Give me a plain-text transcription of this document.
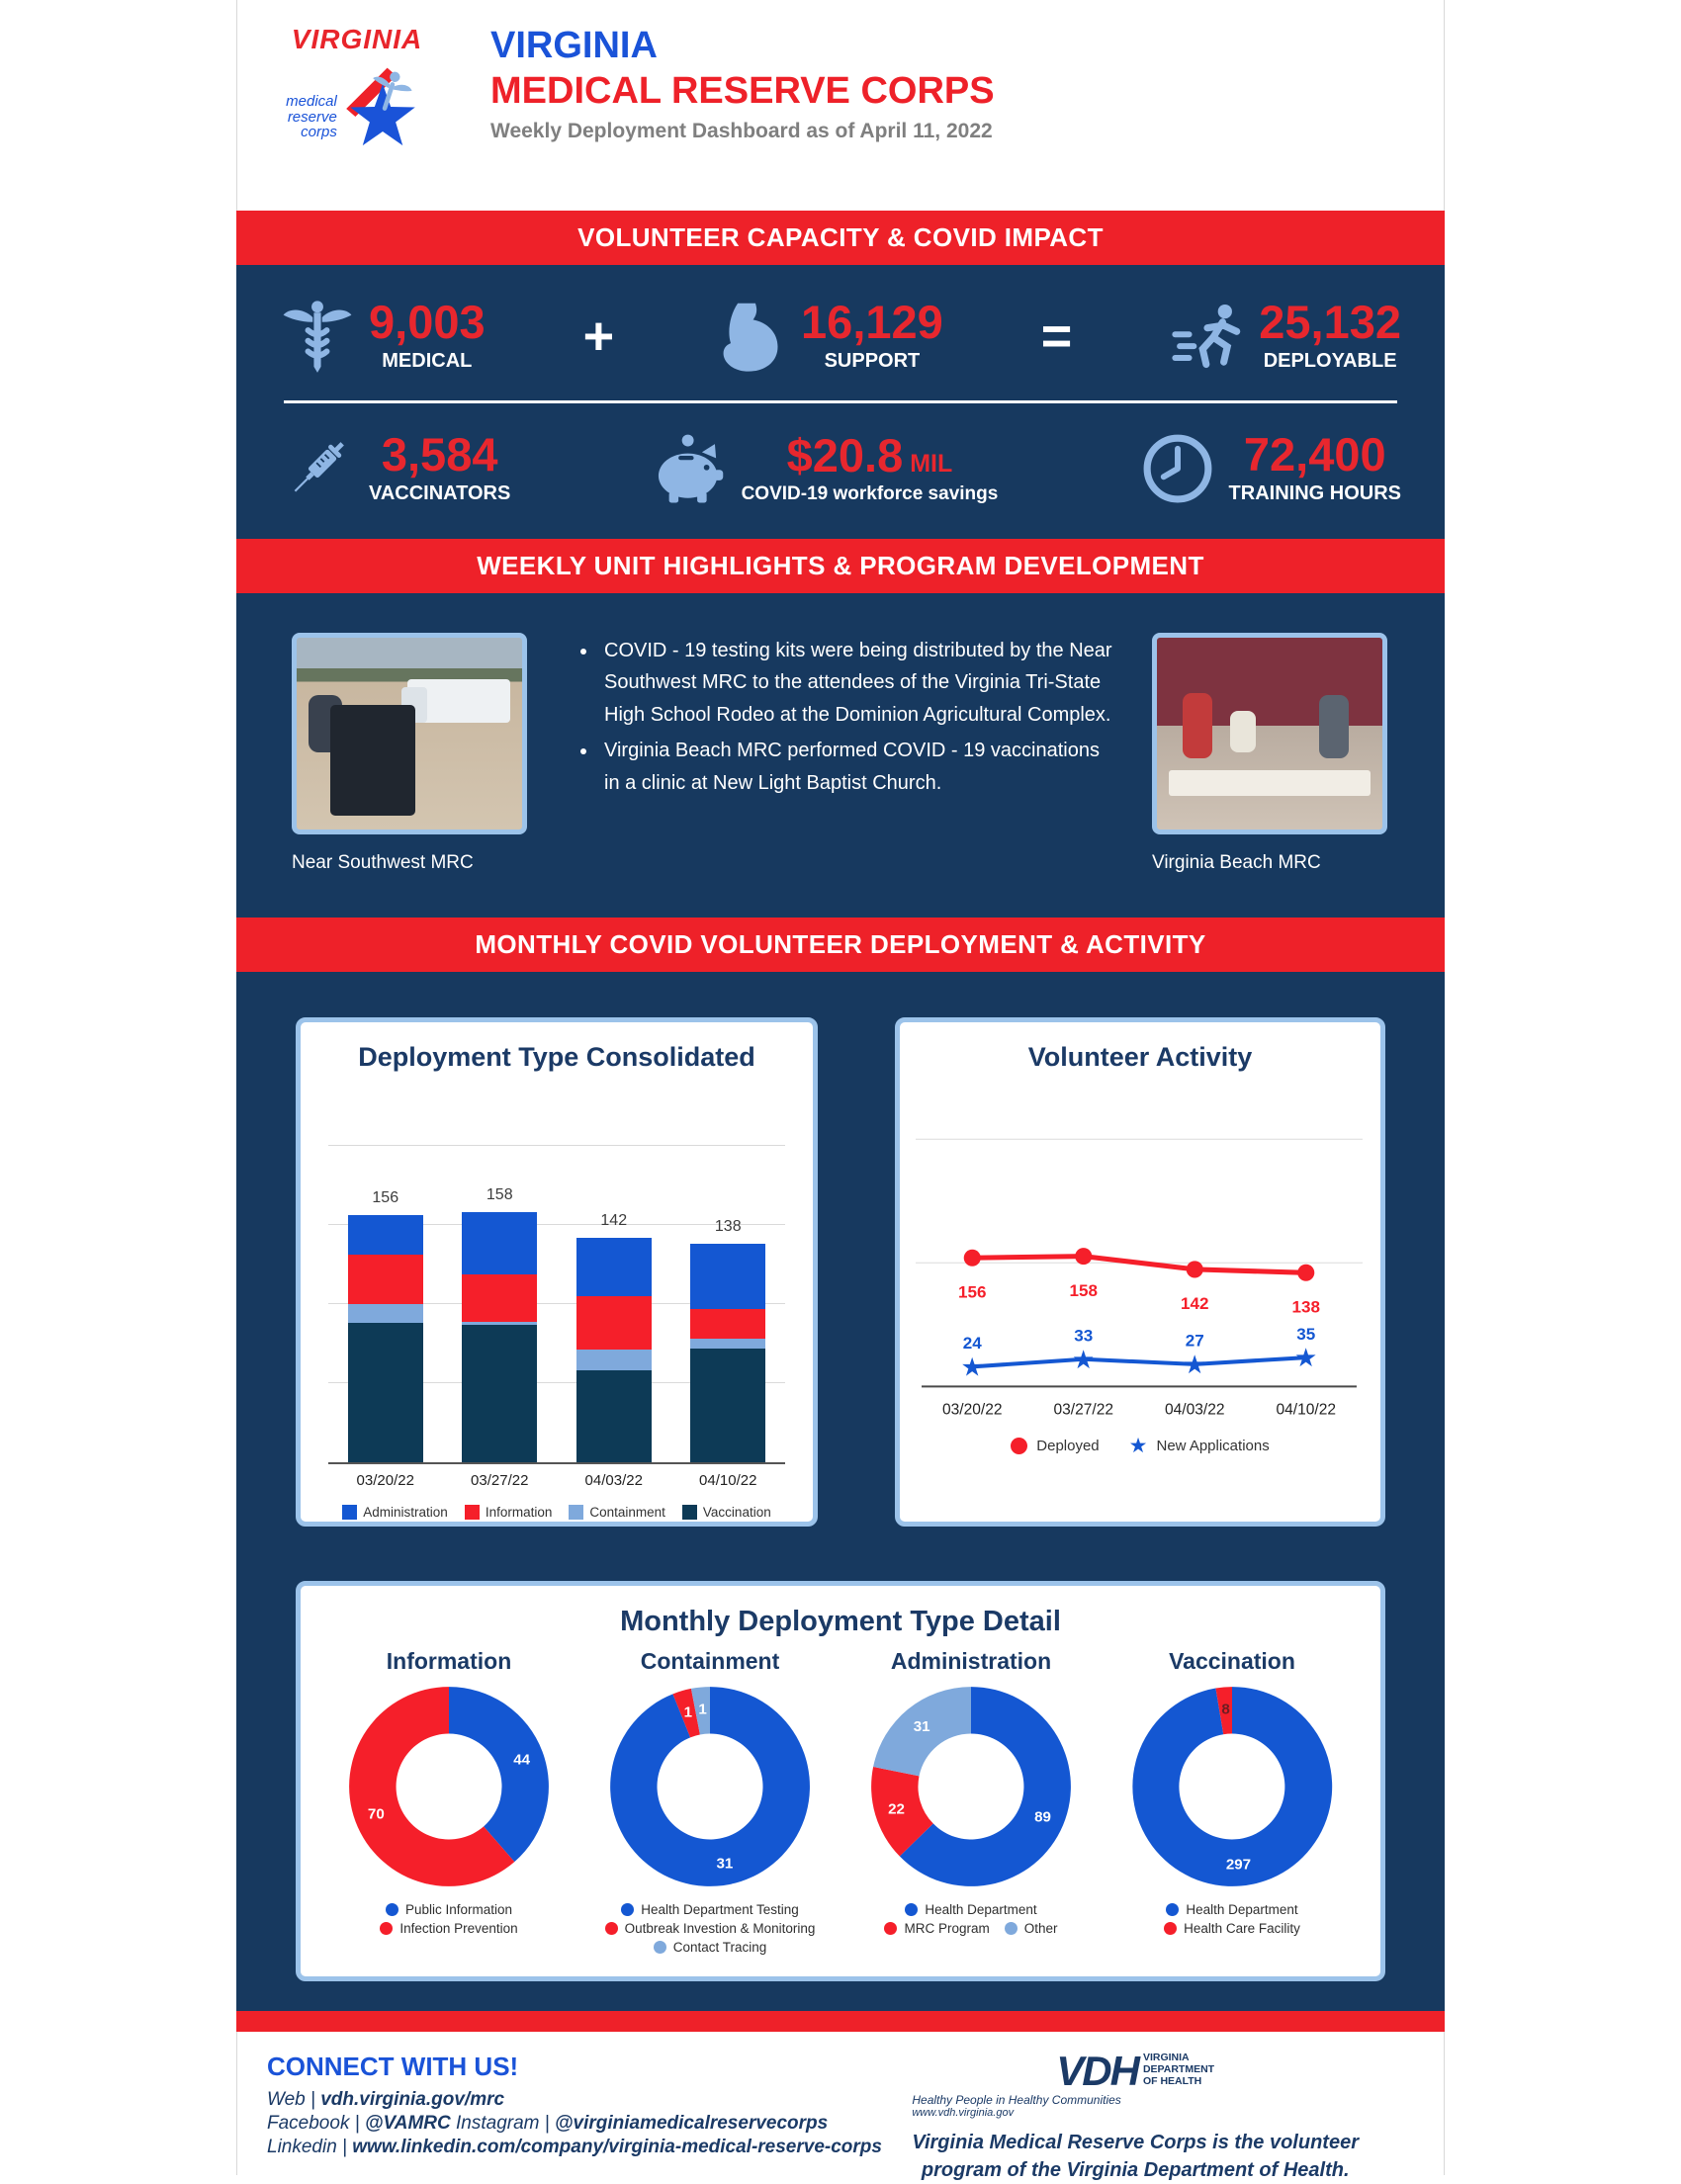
VIRGINIA
medical
reserve
corps
VIRGINIA
MEDICAL RESERVE CORPS
Weekly Deployment Dashboard as of April 11, 2022
VOLUNTEER CAPACITY & COVID IMPACT
9,003
MEDICAL +	16,129
SUPPORT =	25,132
DEPLOYABLE
3,584
VACCINATORS
$20.8 MIL
COVID-19 workforce savings
72,400
TRAINING HOURS
WEEKLY UNIT HIGHLIGHTS & PROGRAM DEVELOPMENT
Near Southwest MRC
• COVID - 19 testing kits were being distributed by the Near Southwest MRC to the attendees of the Virginia Tri-State High School Rodeo at the Dominion Agricultural Complex.
• Virginia Beach MRC performed COVID - 19 vaccinations in a clinic at New Light Baptist Church.
Virginia Beach MRC
MONTHLY COVID VOLUNTEER DEPLOYMENT & ACTIVITY
Deployment Type Consolidated
156	158
142	138
03/20/22	03/27/22	04/03/22	04/10/22
Administration	Information	Containment	Vaccination
Volunteer Activity
156	158
142	138
★
24
★
33
★
27
★
35
03/20/22	03/27/22	04/03/22	04/10/22
Deployed ★ New Applications
Monthly Deployment Type Detail
Information
44
70
Public Information
Infection Prevention
Containment
31
1 1
Health Department Testing
Outbreak Investion & Monitoring
Contact Tracing
Administration
89
22
31
Health Department
MRC Program	Other
Vaccination
297
8
Health Department
Health Care Facility
CONNECT WITH US!

Web | vdh.virginia.gov/mrc

Facebook | @VAMRC Instagram | @virginiamedicalreservecorps

Linkedin | www.linkedin.com/company/virginia-medical-reserve-corps

VDH VIRGINIA
DEPARTMENT
OF HEALTH
Healthy People in Healthy Communities
www.vdh.virginia.gov
Virginia Medical Reserve Corps is the volunteer
program of the Virginia Department of Health.
